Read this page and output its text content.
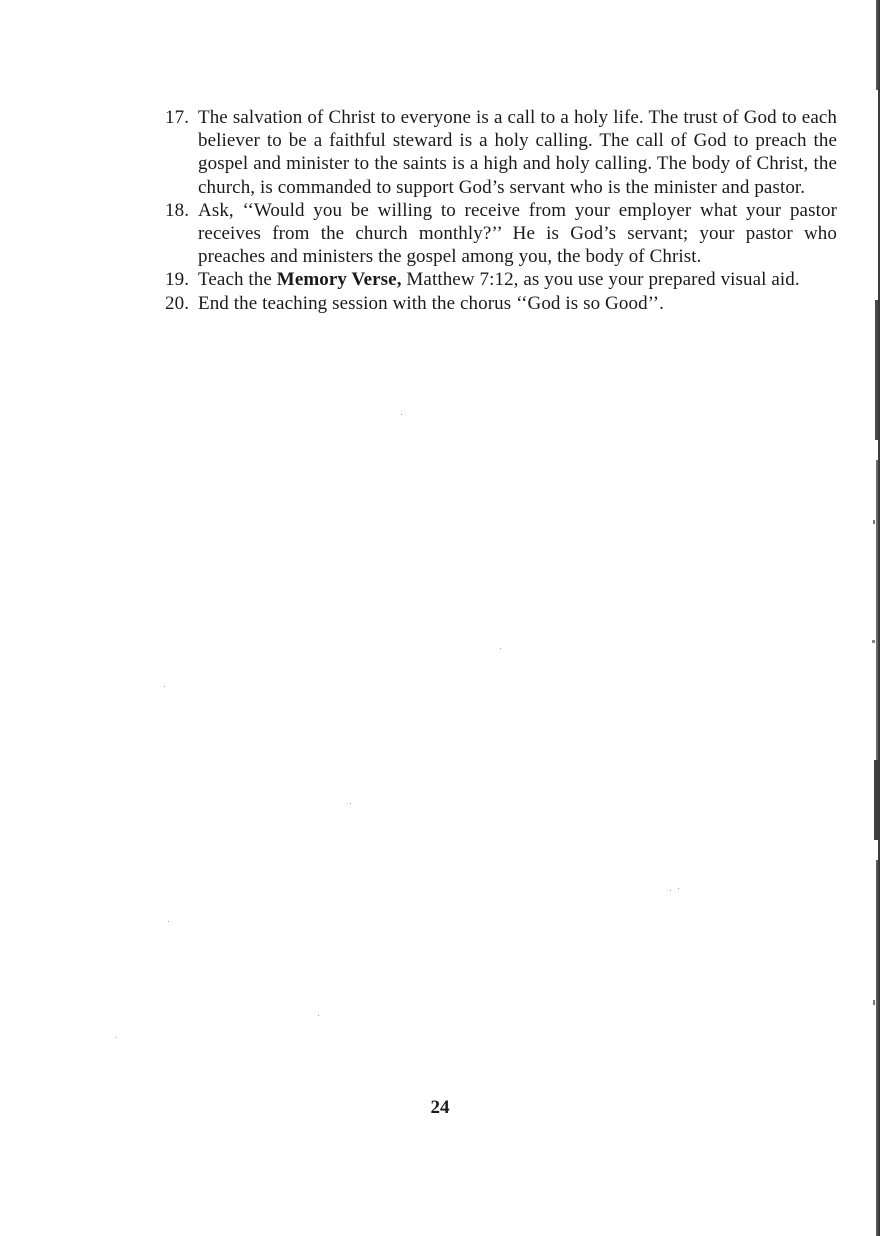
17. The salvation of Christ to everyone is a call to a holy life. The trust of God to each believer to be a faithful steward is a holy calling. The call of God to preach the gospel and minister to the saints is a high and holy calling. The body of Christ, the church, is commanded to support God’s servant who is the minister and pastor.
18. Ask, ‘‘Would you be willing to receive from your employer what your pastor receives from the church monthly?’’ He is God’s servant; your pastor who preaches and ministers the gospel among you, the body of Christ.
19. Teach the Memory Verse, Matthew 7:12, as you use your prepared visual aid.
20. End the teaching session with the chorus ‘‘God is so Good’’.
24
